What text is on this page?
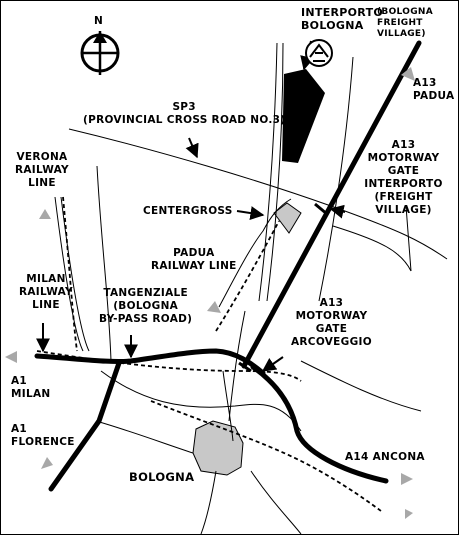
N
INTERPORTO
BOLOGNA
(BOLOGNA
FREIGHT VILLAGE)
A13
PADUA
SP3
(PROVINCIAL CROSS ROAD NO.3)
VERONA
RAILWAY
LINE
A13
MOTORWAY
GATE
INTERPORTO
(FREIGHT VILLAGE)
CENTERGROSS
PADUA
RAILWAY LINE
MILAN
RAILWAY
LINE
TANGENZIALE
(BOLOGNA
BY-PASS ROAD)
A13
MOTORWAY
GATE
ARCOVEGGIO
A1
MILAN
A1
FLORENCE
BOLOGNA
A14 ANCONA
